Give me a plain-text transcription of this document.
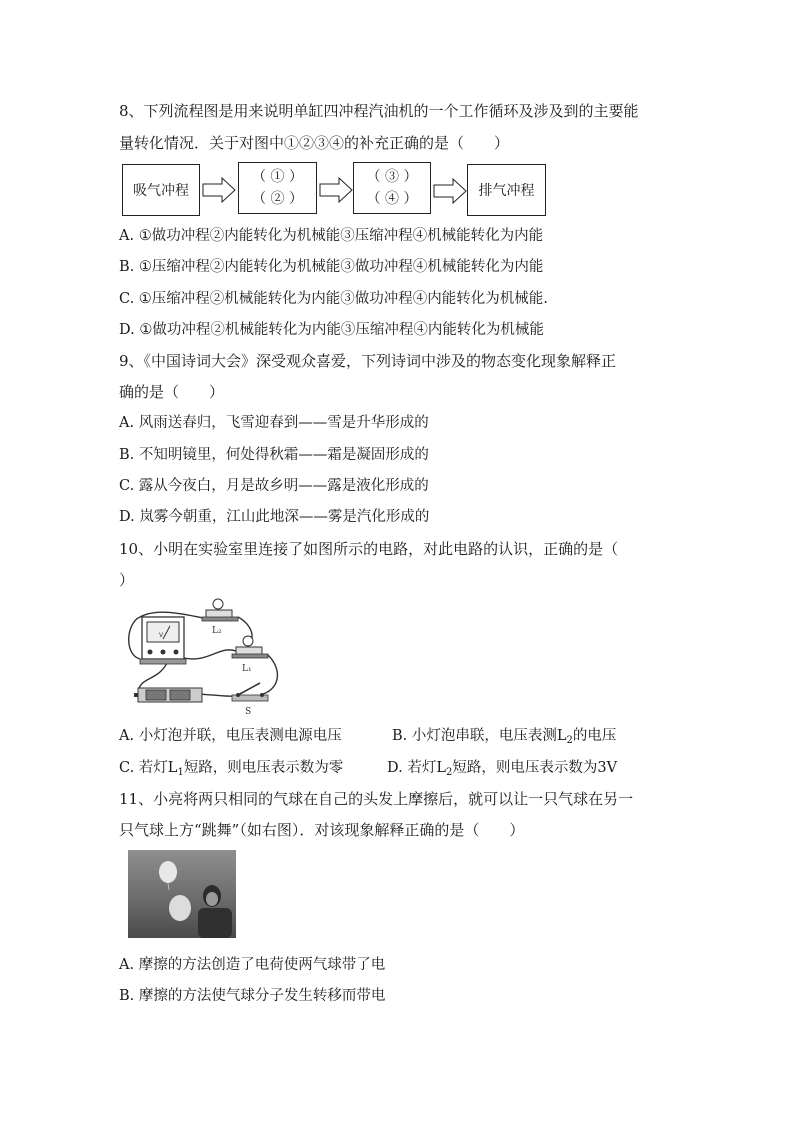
8、下列流程图是用来说明单缸四冲程汽油机的一个工作循环及涉及到的主要能
量转化情况．关于对图中①②③④的补充正确的是（　　）
吸气冲程
（ ① ）
（ ② ）
（ ③ ）
（ ④ ）	排气冲程
A. ①做功冲程②内能转化为机械能③压缩冲程④机械能转化为内能
B. ①压缩冲程②内能转化为机械能③做功冲程④机械能转化为内能
C. ①压缩冲程②机械能转化为内能③做功冲程④内能转化为机械能.
D. ①做功冲程②机械能转化为内能③压缩冲程④内能转化为机械能
9、《中国诗词大会》深受观众喜爱，下列诗词中涉及的物态变化现象解释正
确的是（　　）
A. 风雨送春归，飞雪迎春到——雪是升华形成的
B. 不知明镜里，何处得秋霜——霜是凝固形成的
C. 露从今夜白，月是故乡明——露是液化形成的
D. 岚雾今朝重，江山此地深——雾是汽化形成的
10、小明在实验室里连接了如图所示的电路，对此电路的认识，正确的是（
）
V	L₂
L₁
S
A. 小灯泡并联，电压表测电源电压	B. 小灯泡串联，电压表测$L_2$的电压
C. 若灯$L_1$短路，则电压表示数为零	D. 若灯$L_2$短路，则电压表示数为3V
11、小亮将两只相同的气球在自己的头发上摩擦后，就可以让一只气球在另一
只气球上方“跳舞”（如右图）．对该现象解释正确的是（　　）
A. 摩擦的方法创造了电荷使两气球带了电
B. 摩擦的方法使气球分子发生转移而带电
